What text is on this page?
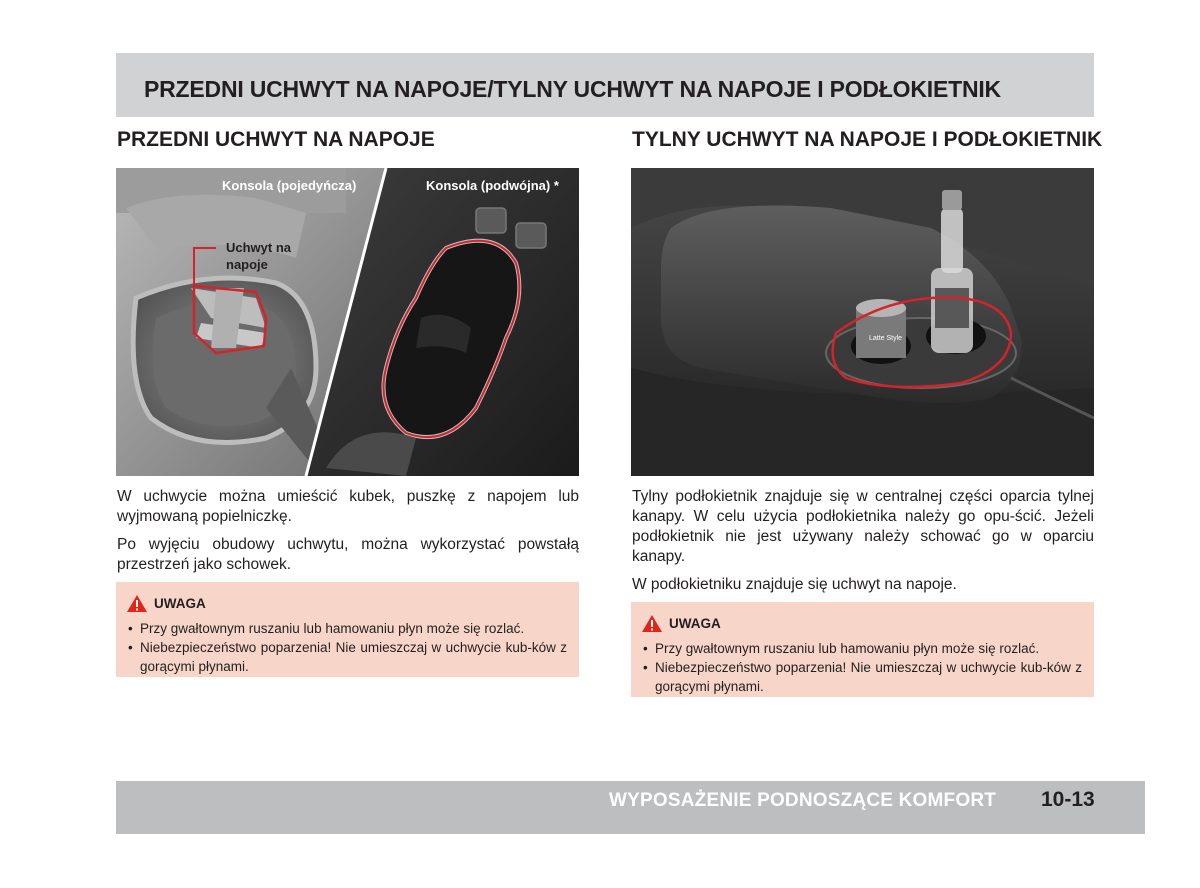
PRZEDNI UCHWYT NA NAPOJE/TYLNY UCHWYT NA NAPOJE I PODŁOKIETNIK
PRZEDNI UCHWYT NA NAPOJE
Konsola (pojedyńcza)	Konsola (podwójna) *
Uchwyt na
napoje

W uchwycie można umieścić kubek, puszkę z napojem lub wyjmowaną popielniczkę.

Po wyjęciu obudowy uchwytu, można wykorzystać powstałą przestrzeń jako schowek.

UWAGA
• Przy gwałtownym ruszaniu lub hamowaniu płyn może się rozlać.
• Niebezpieczeństwo poparzenia! Nie umieszczaj w uchwycie kub-ków z gorącymi płynami.
TYLNY UCHWYT NA NAPOJE I PODŁOKIETNIK
Latte Style

Tylny podłokietnik znajduje się w centralnej części oparcia tylnej kanapy. W celu użycia podłokietnika należy go opu-ścić. Jeżeli podłokietnik nie jest używany należy schować go w oparciu kanapy.

W podłokietniku znajduje się uchwyt na napoje.

UWAGA
• Przy gwałtownym ruszaniu lub hamowaniu płyn może się rozlać.
• Niebezpieczeństwo poparzenia! Nie umieszczaj w uchwycie kub-ków z gorącymi płynami.
WYPOSAŻENIE PODNOSZĄCE KOMFORT 10-13
